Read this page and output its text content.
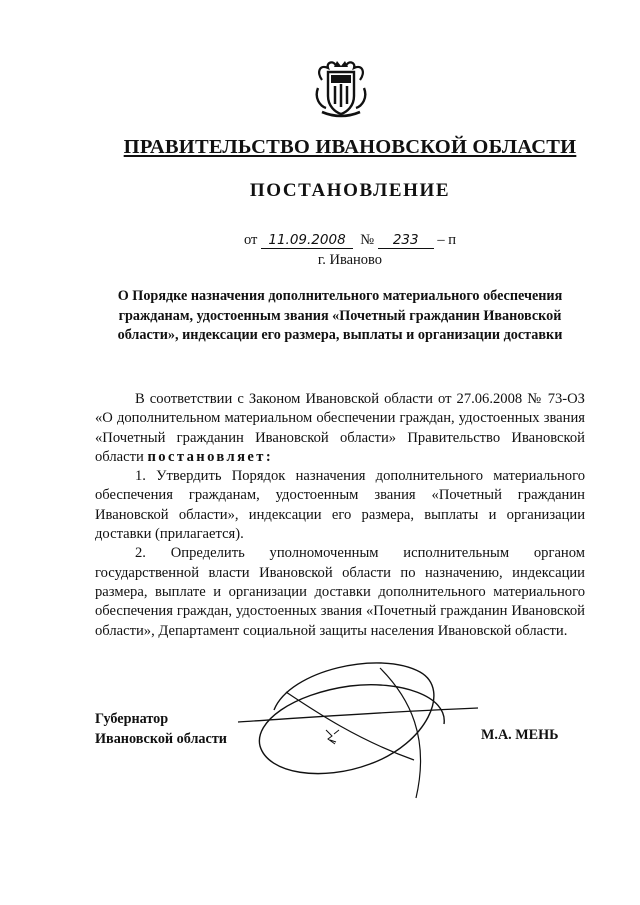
ПРАВИТЕЛЬСТВО ИВАНОВСКОЙ ОБЛАСТИ
ПОСТАНОВЛЕНИЕ
от 11.09.2008 № 233 – п
г. Иваново
О Порядке назначения дополнительного материального обеспечения гражданам, удостоенным звания «Почетный гражданин Ивановской области», индексации его размера, выплаты и организации доставки

В соответствии с Законом Ивановской области от 27.06.2008 № 73-ОЗ «О дополнительном материальном обеспечении граждан, удостоенных звания «Почетный гражданин Ивановской области» Правительство Ивановской области постановляет:

1. Утвердить Порядок назначения дополнительного материального обеспечения гражданам, удостоенным звания «Почетный гражданин Ивановской области», индексации его размера, выплаты и организации доставки (прилагается).

2. Определить уполномоченным исполнительным органом государственной власти Ивановской области по назначению, индексации размера, выплате и организации доставки дополнительного материального обеспечения граждан, удостоенных звания «Почетный гражданин Ивановской области», Департамент социальной защиты населения Ивановской области.

Губернатор
Ивановской области	М.А. МЕНЬ
